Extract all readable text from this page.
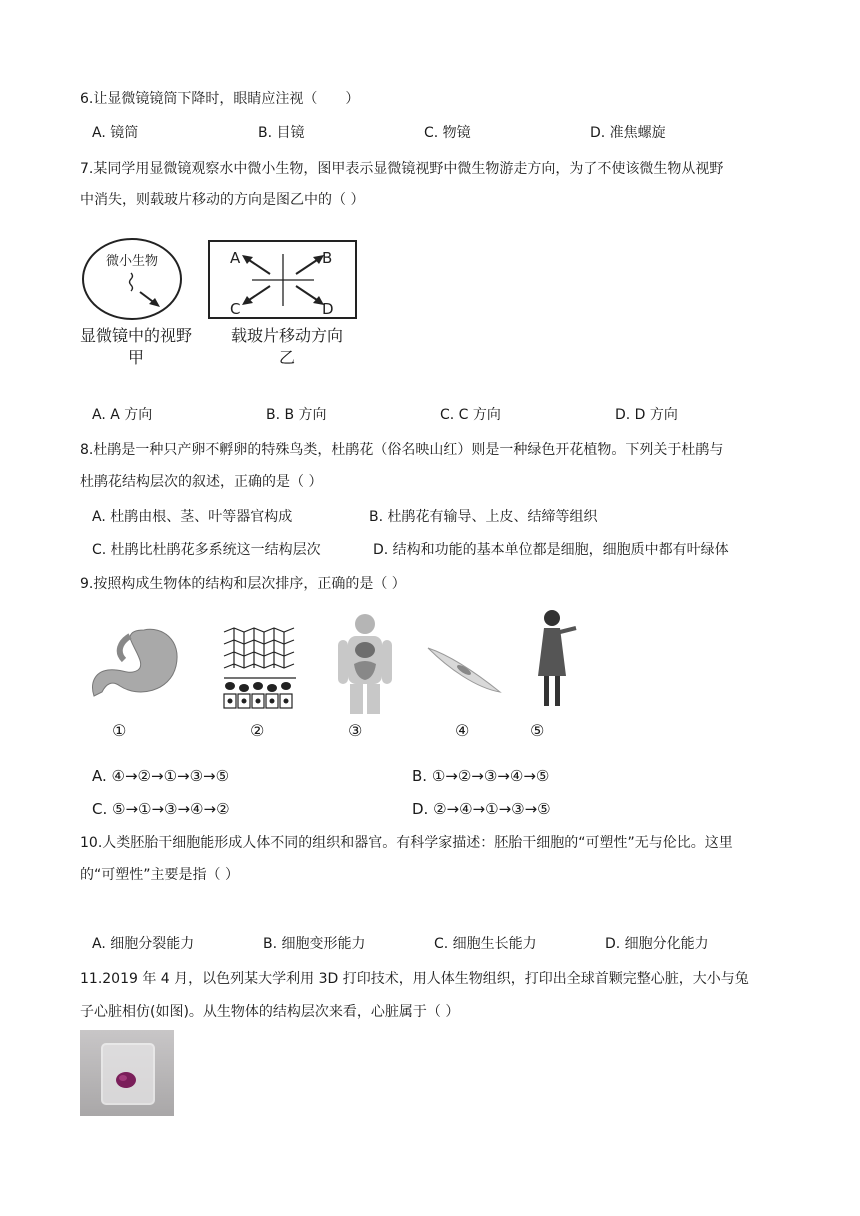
6.让显微镜镜筒下降时，眼睛应注视（　　）
A. 镜筒	B. 目镜	C. 物镜	D. 准焦螺旋
7.某同学用显微镜观察水中微小生物，图甲表示显微镜视野中微生物游走方向，为了不使该微生物从视野
中消失，则载玻片移动的方向是图乙中的（ ）
微小生物	A	B
C	D
显微镜中的视野
甲
载玻片移动方向
乙
A. A 方向	B. B 方向	C. C 方向	D. D 方向
8.杜鹃是一种只产卵不孵卵的特殊鸟类，杜鹃花（俗名映山红）则是一种绿色开花植物。下列关于杜鹃与
杜鹃花结构层次的叙述，正确的是（ ）
A. 杜鹃由根、茎、叶等器官构成	B. 杜鹃花有输导、上皮、结缔等组织
C. 杜鹃比杜鹃花多系统这一结构层次	D. 结构和功能的基本单位都是细胞，细胞质中都有叶绿体
9.按照构成生物体的结构和层次排序，正确的是（ ）
①	②	③	④	⑤
A. ④→②→①→③→⑤	B. ①→②→③→④→⑤
C. ⑤→①→③→④→②	D. ②→④→①→③→⑤
10.人类胚胎干细胞能形成人体不同的组织和器官。有科学家描述：胚胎干细胞的“可塑性”无与伦比。这里
的“可塑性”主要是指（ ）
A. 细胞分裂能力	B. 细胞变形能力	C. 细胞生长能力	D. 细胞分化能力
11.2019 年 4 月，以色列某大学利用 3D 打印技术，用人体生物组织，打印出全球首颗完整心脏，大小与兔
子心脏相仿(如图)。从生物体的结构层次来看，心脏属于（ ）
